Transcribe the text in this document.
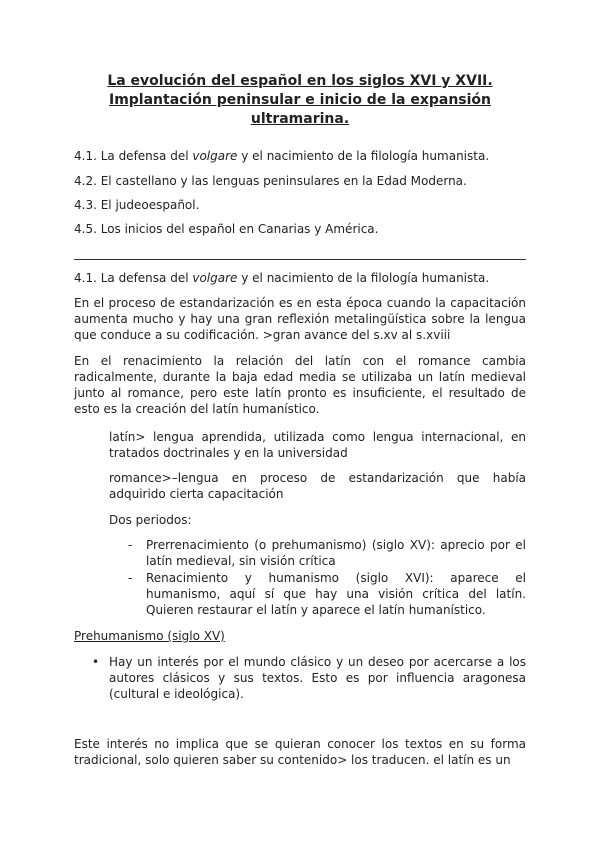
La evolución del español en los siglos XVI y XVII. Implantación peninsular e inicio de la expansión ultramarina.
4.1. La defensa del volgare y el nacimiento de la filología humanista.
4.2. El castellano y las lenguas peninsulares en la Edad Moderna.
4.3. El judeoespañol.
4.5. Los inicios del español en Canarias y América.
4.1. La defensa del volgare y el nacimiento de la filología humanista.
En el proceso de estandarización es en esta época cuando la capacitación aumenta mucho y hay una gran reflexión metalingüística sobre la lengua que conduce a su codificación. >gran avance del s.xv al s.xviii
En el renacimiento la relación del latín con el romance cambia radicalmente, durante la baja edad media se utilizaba un latín medieval junto al romance, pero este latín pronto es insuficiente, el resultado de esto es la creación del latín humanístico.
latín> lengua aprendida, utilizada como lengua internacional, en tratados doctrinales y en la universidad
romance>–lengua en proceso de estandarización que había adquirido cierta capacitación
Dos periodos:
- Prerrenacimiento (o prehumanismo) (siglo XV): aprecio por el latín medieval, sin visión crítica
- Renacimiento y humanismo (siglo XVI): aparece el humanismo, aquí sí que hay una visión crítica del latín. Quieren restaurar el latín y aparece el latín humanístico.
Prehumanismo (siglo XV)
• Hay un interés por el mundo clásico y un deseo por acercarse a los autores clásicos y sus textos. Esto es por influencia aragonesa (cultural e ideológica).
Este interés no implica que se quieran conocer los textos en su forma tradicional, solo quieren saber su contenido> los traducen. el latín es un
